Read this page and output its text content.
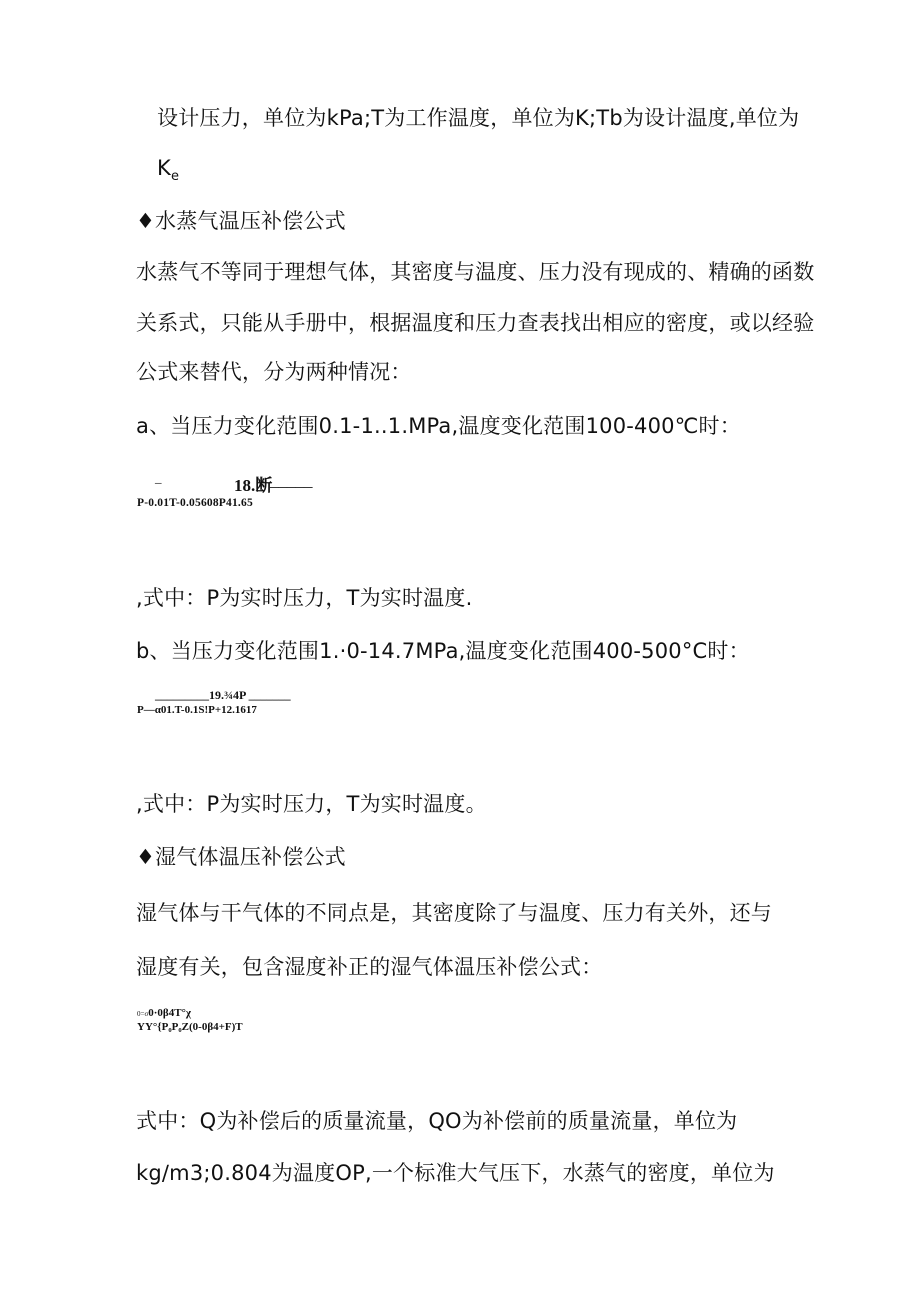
设计压力，单位为kPa;T为工作温度，单位为K;Tb为设计温度,单位为
$K_e$
♦水蒸气温压补偿公式
水蒸气不等同于理想气体，其密度与温度、压力没有现成的、精确的函数
关系式，只能从手册中，根据温度和压力查表找出相应的密度，或以经验
公式来替代，分为两种情况：
a、当压力变化范围0.1-1..1.MPa,温度变化范围100-400℃时：
_	18.断
_____
P-0.01T-0.05608P41.65
,式中：P为实时压力，T为实时温度.
b、当压力变化范围1.·0-14.7MPa,温度变化范围400-500°C时：
_________19.¾4P _______
P—α01.T-0.1S!P+12.1617
,式中：P为实时压力，T为实时温度。
♦湿气体温压补偿公式
湿气体与干气体的不同点是，其密度除了与温度、压力有关外，还与
湿度有关，包含湿度补正的湿气体温压补偿公式：
0=σ0·0β4T°χ
YY°{P₀P₀Z(0-0β4+F)T
式中：Q为补偿后的质量流量，QO为补偿前的质量流量，单位为
kg∕m3;0.804为温度OP,一个标准大气压下，水蒸气的密度，单位为
